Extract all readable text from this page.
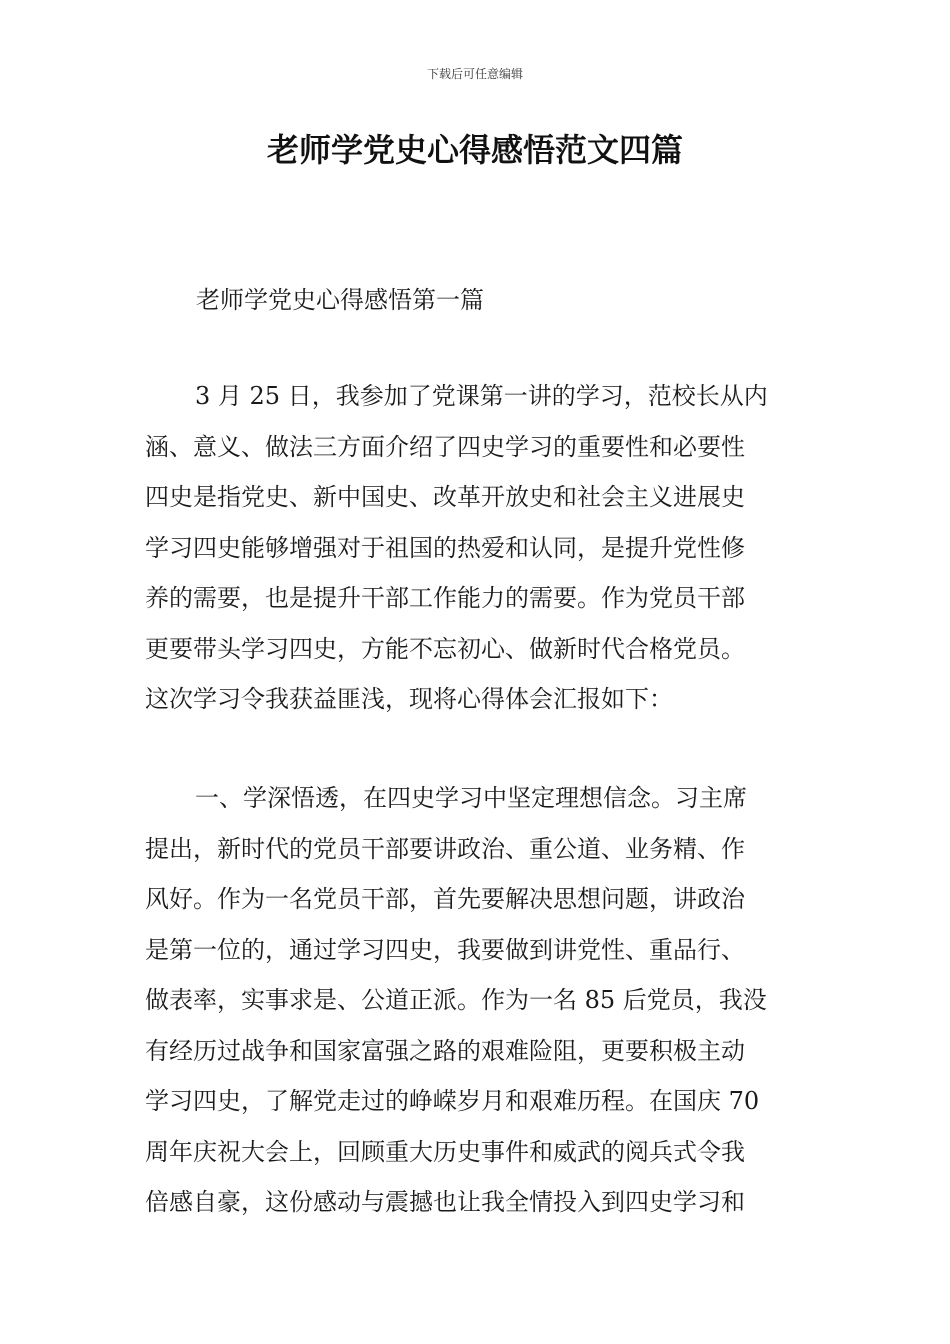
下载后可任意编辑
老师学党史心得感悟范文四篇
老师学党史心得感悟第一篇
3 月 25 日，我参加了党课第一讲的学习，范校长从内
涵、意义、做法三方面介绍了四史学习的重要性和必要性
四史是指党史、新中国史、改革开放史和社会主义进展史
学习四史能够增强对于祖国的热爱和认同，是提升党性修
养的需要，也是提升干部工作能力的需要。作为党员干部
更要带头学习四史，方能不忘初心、做新时代合格党员。
这次学习令我获益匪浅，现将心得体会汇报如下：
一、学深悟透，在四史学习中坚定理想信念。习主席
提出，新时代的党员干部要讲政治、重公道、业务精、作
风好。作为一名党员干部，首先要解决思想问题，讲政治
是第一位的，通过学习四史，我要做到讲党性、重品行、
做表率，实事求是、公道正派。作为一名 85 后党员，我没
有经历过战争和国家富强之路的艰难险阻，更要积极主动
学习四史，了解党走过的峥嵘岁月和艰难历程。在国庆 70
周年庆祝大会上，回顾重大历史事件和威武的阅兵式令我
倍感自豪，这份感动与震撼也让我全情投入到四史学习和
